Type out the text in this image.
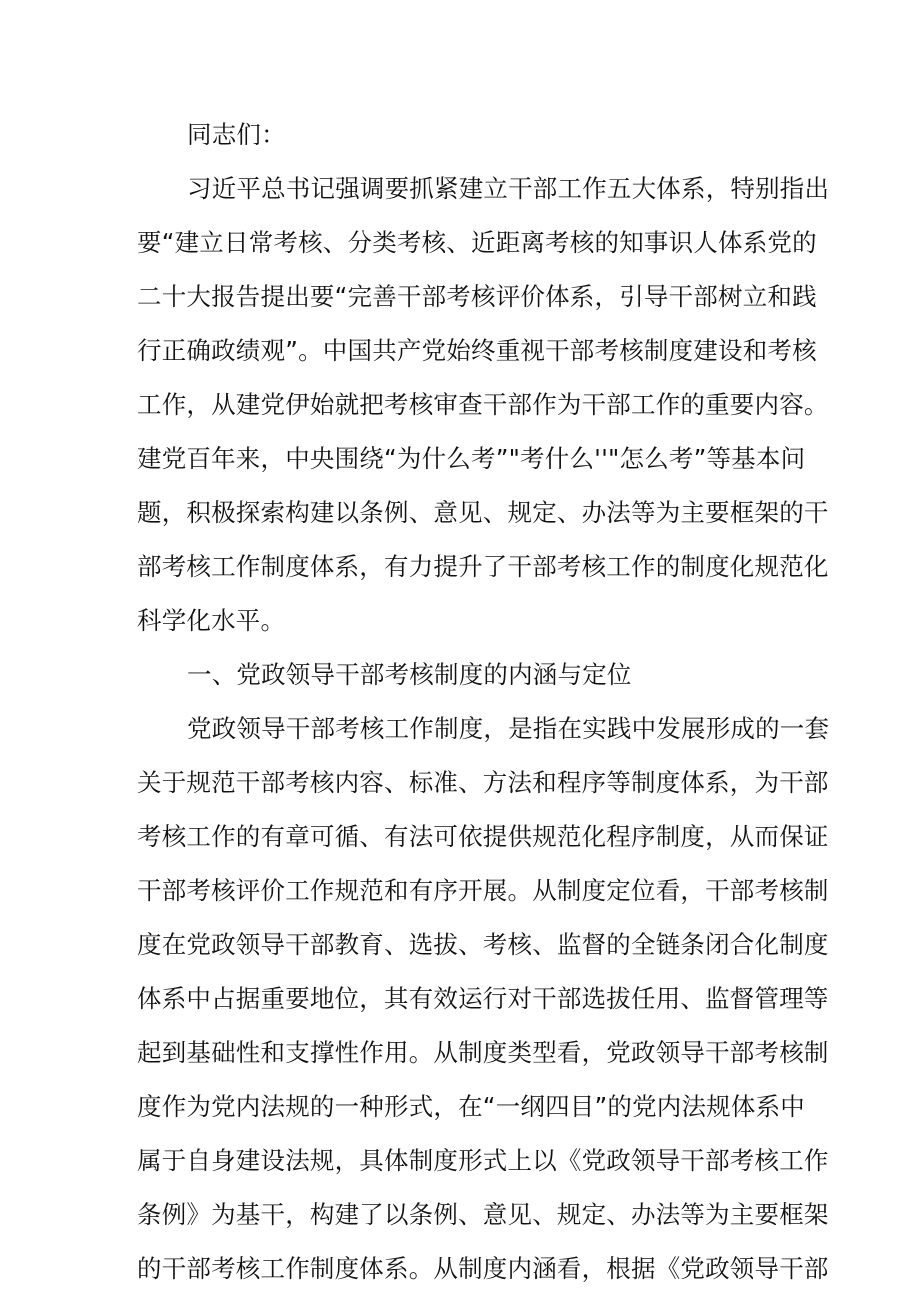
同志们：
习近平总书记强调要抓紧建立干部工作五大体系，特别指出
要“建立日常考核、分类考核、近距离考核的知事识人体系党的
二十大报告提出要“完善干部考核评价体系，引导干部树立和践
行正确政绩观”。中国共产党始终重视干部考核制度建设和考核
工作，从建党伊始就把考核审查干部作为干部工作的重要内容。
建党百年来，中央围绕“为什么考”"考什么''"怎么考”等基本问
题，积极探索构建以条例、意见、规定、办法等为主要框架的干
部考核工作制度体系，有力提升了干部考核工作的制度化规范化
科学化水平。
一、党政领导干部考核制度的内涵与定位
党政领导干部考核工作制度，是指在实践中发展形成的一套
关于规范干部考核内容、标准、方法和程序等制度体系，为干部
考核工作的有章可循、有法可依提供规范化程序制度，从而保证
干部考核评价工作规范和有序开展。从制度定位看，干部考核制
度在党政领导干部教育、选拔、考核、监督的全链条闭合化制度
体系中占据重要地位，其有效运行对干部选拔任用、监督管理等
起到基础性和支撑性作用。从制度类型看，党政领导干部考核制
度作为党内法规的一种形式，在“一纲四目”的党内法规体系中
属于自身建设法规，具体制度形式上以《党政领导干部考核工作
条例》为基干，构建了以条例、意见、规定、办法等为主要框架
的干部考核工作制度体系。从制度内涵看，根据《党政领导干部
